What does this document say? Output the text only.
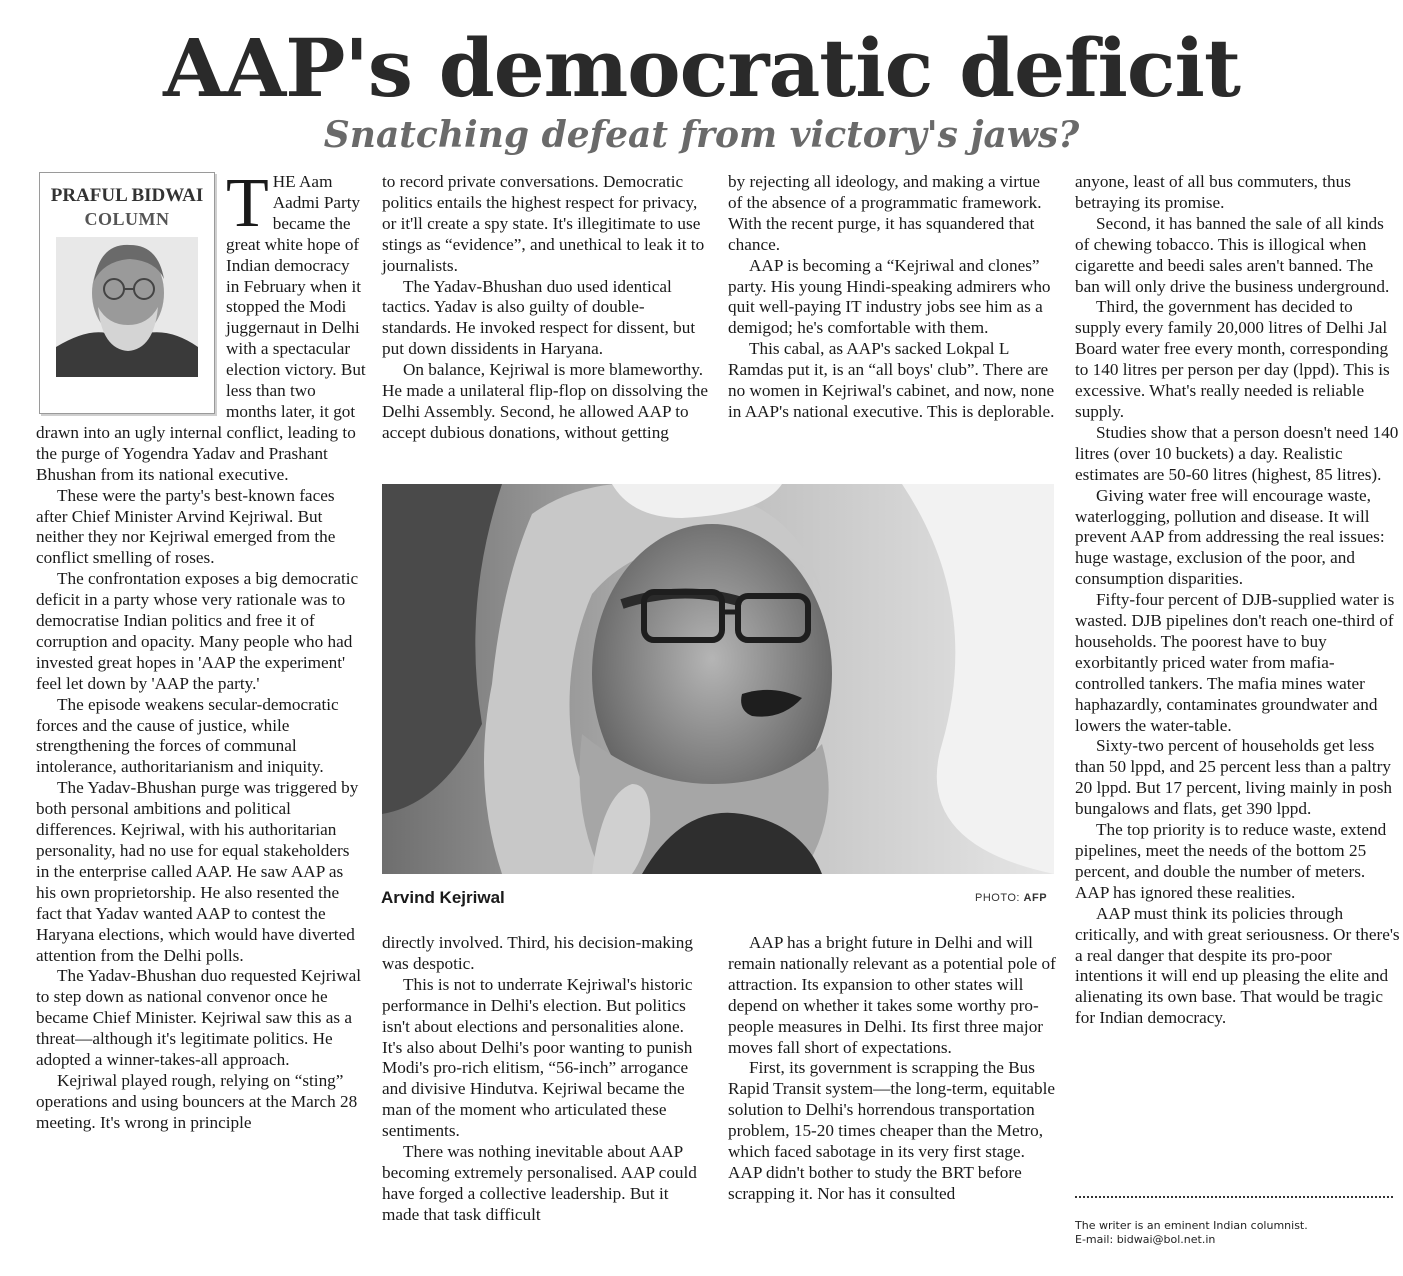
AAP's democratic deficit
Snatching defeat from victory's jaws?

THE Aam Aadmi Party became the great white hope of Indian democracy in February when it stopped the Modi juggernaut in Delhi with a spectacular election victory. But less than two months later, it got drawn into an ugly internal conflict, leading to the purge of Yogendra Yadav and Prashant Bhushan from its national executive.

These were the party's best-known faces after Chief Minister Arvind Kejriwal. But neither they nor Kejriwal emerged from the conflict smelling of roses.

The confrontation exposes a big democratic deficit in a party whose very rationale was to democratise Indian politics and free it of corruption and opacity. Many people who had invested great hopes in 'AAP the experiment' feel let down by 'AAP the party.'

The episode weakens secular-democratic forces and the cause of justice, while strengthening the forces of communal intolerance, authoritarianism and iniquity.

The Yadav-Bhushan purge was triggered by both personal ambitions and political differences. Kejriwal, with his authoritarian personality, had no use for equal stakeholders in the enterprise called AAP. He saw AAP as his own proprietorship. He also resented the fact that Yadav wanted AAP to contest the Haryana elections, which would have diverted attention from the Delhi polls.

The Yadav-Bhushan duo requested Kejriwal to step down as national convenor once he became Chief Minister. Kejriwal saw this as a threat—although it's legitimate politics. He adopted a winner-takes-all approach.

Kejriwal played rough, relying on “sting” operations and using bouncers at the March 28 meeting. It's wrong in principle

PRAFUL BIDWAI
COLUMN

to record private conversations. Democratic politics entails the highest respect for privacy, or it'll create a spy state. It's illegitimate to use stings as “evidence”, and unethical to leak it to journalists.

The Yadav-Bhushan duo used identical tactics. Yadav is also guilty of double-standards. He invoked respect for dissent, but put down dissidents in Haryana.

On balance, Kejriwal is more blameworthy. He made a unilateral flip-flop on dissolving the Delhi Assembly. Second, he allowed AAP to accept dubious donations, without getting

by rejecting all ideology, and making a virtue of the absence of a programmatic framework. With the recent purge, it has squandered that chance.

AAP is becoming a “Kejriwal and clones” party. His young Hindi-speaking admirers who quit well-paying IT industry jobs see him as a demigod; he's comfortable with them.

This cabal, as AAP's sacked Lokpal L Ramdas put it, is an “all boys' club”. There are no women in Kejriwal's cabinet, and now, none in AAP's national executive. This is deplorable.

Arvind Kejriwal	PHOTO: AFP

directly involved. Third, his decision-making was despotic.

This is not to underrate Kejriwal's historic performance in Delhi's election. But politics isn't about elections and personalities alone. It's also about Delhi's poor wanting to punish Modi's pro-rich elitism, “56-inch” arrogance and divisive Hindutva. Kejriwal became the man of the moment who articulated these sentiments.

There was nothing inevitable about AAP becoming extremely personalised. AAP could have forged a collective leadership. But it made that task difficult

AAP has a bright future in Delhi and will remain nationally relevant as a potential pole of attraction. Its expansion to other states will depend on whether it takes some worthy pro-people measures in Delhi. Its first three major moves fall short of expectations.

First, its government is scrapping the Bus Rapid Transit system—the long-term, equitable solution to Delhi's horrendous transportation problem, 15-20 times cheaper than the Metro, which faced sabotage in its very first stage. AAP didn't bother to study the BRT before scrapping it. Nor has it consulted

anyone, least of all bus commuters, thus betraying its promise.

Second, it has banned the sale of all kinds of chewing tobacco. This is illogical when cigarette and beedi sales aren't banned. The ban will only drive the business underground.

Third, the government has decided to supply every family 20,000 litres of Delhi Jal Board water free every month, corresponding to 140 litres per person per day (lppd). This is excessive. What's really needed is reliable supply.

Studies show that a person doesn't need 140 litres (over 10 buckets) a day. Realistic estimates are 50-60 litres (highest, 85 litres).

Giving water free will encourage waste, waterlogging, pollution and disease. It will prevent AAP from addressing the real issues: huge wastage, exclusion of the poor, and consumption disparities.

Fifty-four percent of DJB-supplied water is wasted. DJB pipelines don't reach one-third of households. The poorest have to buy exorbitantly priced water from mafia-controlled tankers. The mafia mines water haphazardly, contaminates groundwater and lowers the water-table.

Sixty-two percent of households get less than 50 lppd, and 25 percent less than a paltry 20 lppd. But 17 percent, living mainly in posh bungalows and flats, get 390 lppd.

The top priority is to reduce waste, extend pipelines, meet the needs of the bottom 25 percent, and double the number of meters. AAP has ignored these realities.

AAP must think its policies through critically, and with great seriousness. Or there's a real danger that despite its pro-poor intentions it will end up pleasing the elite and alienating its own base. That would be tragic for Indian democracy.

The writer is an eminent Indian columnist.
E-mail: bidwai@bol.net.in
